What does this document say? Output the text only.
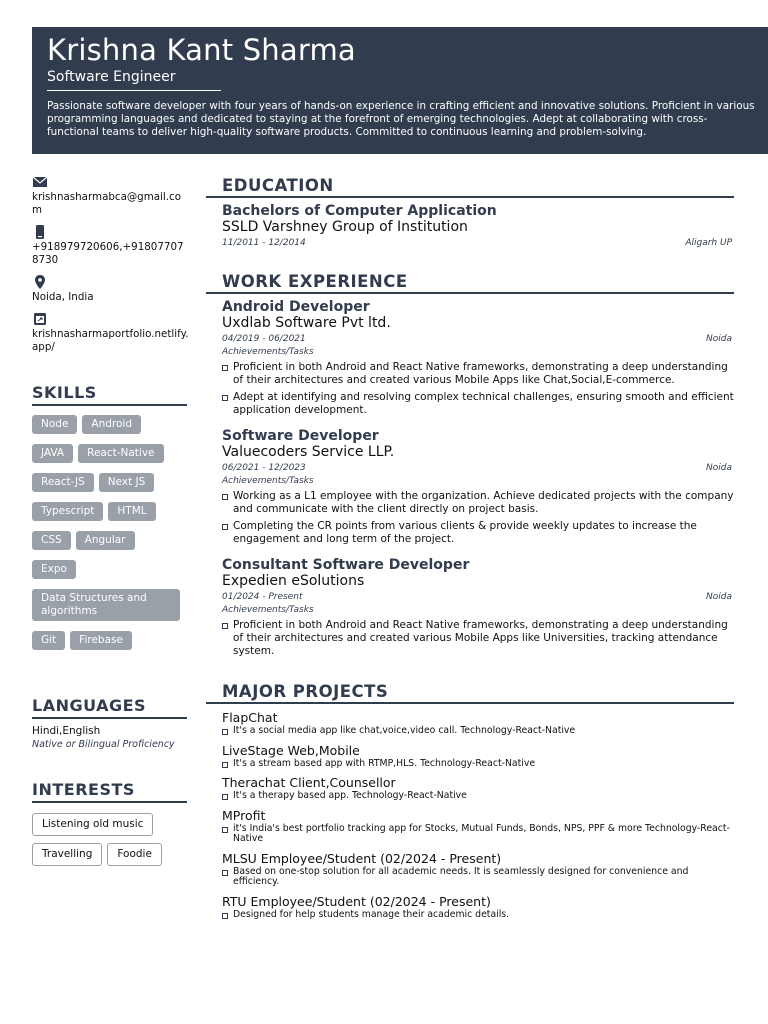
Krishna Kant Sharma
Software Engineer
Passionate software developer with four years of hands-on experience in crafting efficient and innovative solutions. Proficient in various programming languages and dedicated to staying at the forefront of emerging technologies. Adept at collaborating with cross-functional teams to deliver high-quality software products. Committed to continuous learning and problem-solving.
krishnasharmabca@gmail.com
+918979720606,+918077078730
Noida, India
krishnasharmaportfolio.netlify.app/
SKILLS
Node Android JAVA React-Native React-JS Next JS Typescript HTML CSS Angular Expo
Data Structures and algorithms
Git Firebase
LANGUAGES
Hindi,English
Native or Bilingual Proficiency
INTERESTS
Listening old music
Travelling Foodie
EDUCATION
Bachelors of Computer Application
SSLD Varshney Group of Institution
11/2011 - 12/2014	Aligarh UP
WORK EXPERIENCE
Android Developer
Uxdlab Software Pvt ltd.
04/2019 - 06/2021	Noida
Achievements/Tasks
Proficient in both Android and React Native frameworks, demonstrating a deep understanding of their architectures and created various Mobile Apps like Chat,Social,E-commerce.
Adept at identifying and resolving complex technical challenges, ensuring smooth and efficient application development.
Software Developer
Valuecoders Service LLP.
06/2021 - 12/2023	Noida
Achievements/Tasks
Working as a L1 employee with the organization. Achieve dedicated projects with the company and communicate with the client directly on project basis.
Completing the CR points from various clients & provide weekly updates to increase the engagement and long term of the project.
Consultant Software Developer
Expedien eSolutions
01/2024 - Present	Noida
Achievements/Tasks
Proficient in both Android and React Native frameworks, demonstrating a deep understanding of their architectures and created various Mobile Apps like Universities, tracking attendance system.
MAJOR PROJECTS
FlapChat
It's a social media app like chat,voice,video call. Technology-React-Native
LiveStage Web,Mobile
It's a stream based app with RTMP,HLS. Technology-React-Native
Therachat Client,Counsellor
It's a therapy based app. Technology-React-Native
MProfit
it's India's best portfolio tracking app for Stocks, Mutual Funds, Bonds, NPS, PPF & more Technology-React-Native
MLSU Employee/Student (02/2024 - Present)
Based on one-stop solution for all academic needs. It is seamlessly designed for convenience and efficiency.
RTU Employee/Student (02/2024 - Present)
Designed for help students manage their academic details.
